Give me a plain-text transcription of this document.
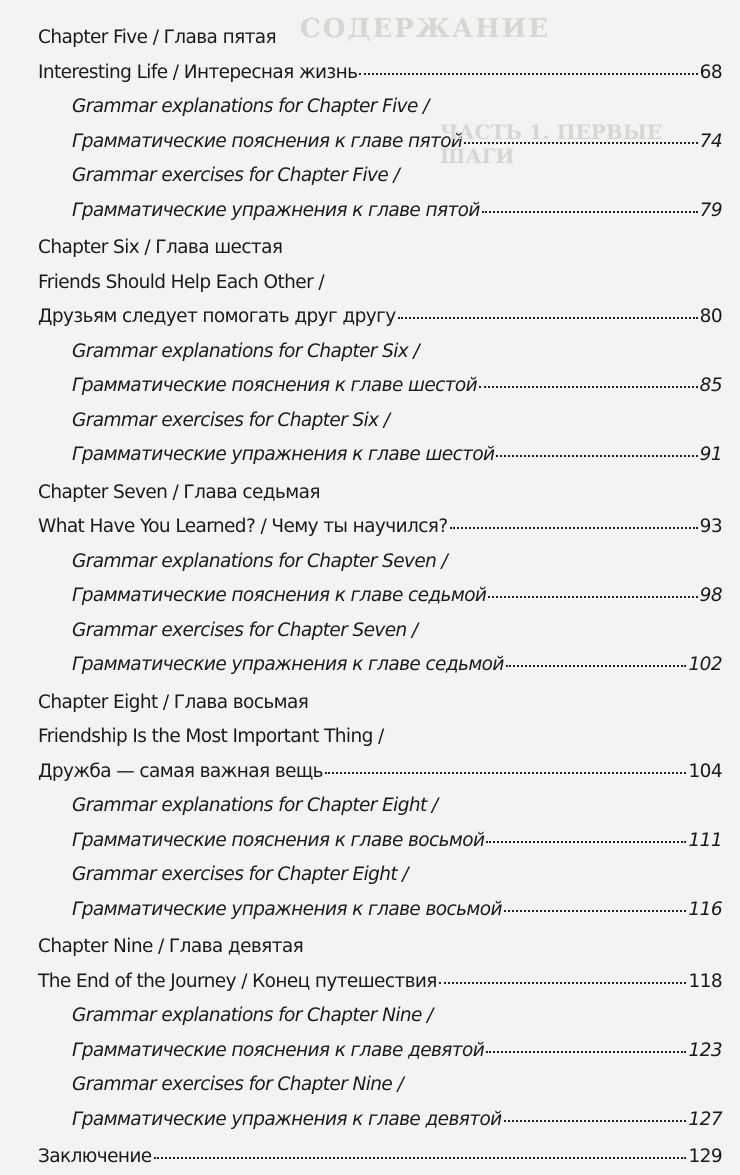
СОДЕРЖАНИЕ
ЧАСТЬ 1. ПЕРВЫЕ ШАГИ
Chapter Five / Глава пятая
Interesting Life / Интересная жизнь	68
Grammar explanations for Chapter Five /
Грамматические пояснения к главе пятой	74
Grammar exercises for Chapter Five /
Грамматические упражнения к главе пятой	79
Chapter Six / Глава шестая
Friends Should Help Each Other /
Друзьям следует помогать друг другу	80
Grammar explanations for Chapter Six /
Грамматические пояснения к главе шестой	85
Grammar exercises for Chapter Six /
Грамматические упражнения к главе шестой	91
Chapter Seven / Глава седьмая
What Have You Learned? / Чему ты научился?	93
Grammar explanations for Chapter Seven /
Грамматические пояснения к главе седьмой	98
Grammar exercises for Chapter Seven /
Грамматические упражнения к главе седьмой	102
Chapter Eight / Глава восьмая
Friendship Is the Most Important Thing /
Дружба — самая важная вещь	104
Grammar explanations for Chapter Eight /
Грамматические пояснения к главе восьмой	111
Grammar exercises for Chapter Eight /
Грамматические упражнения к главе восьмой	116
Chapter Nine / Глава девятая
The End of the Journey / Конец путешествия	118
Grammar explanations for Chapter Nine /
Грамматические пояснения к главе девятой	123
Grammar exercises for Chapter Nine /
Грамматические упражнения к главе девятой	127
Заключение	129
